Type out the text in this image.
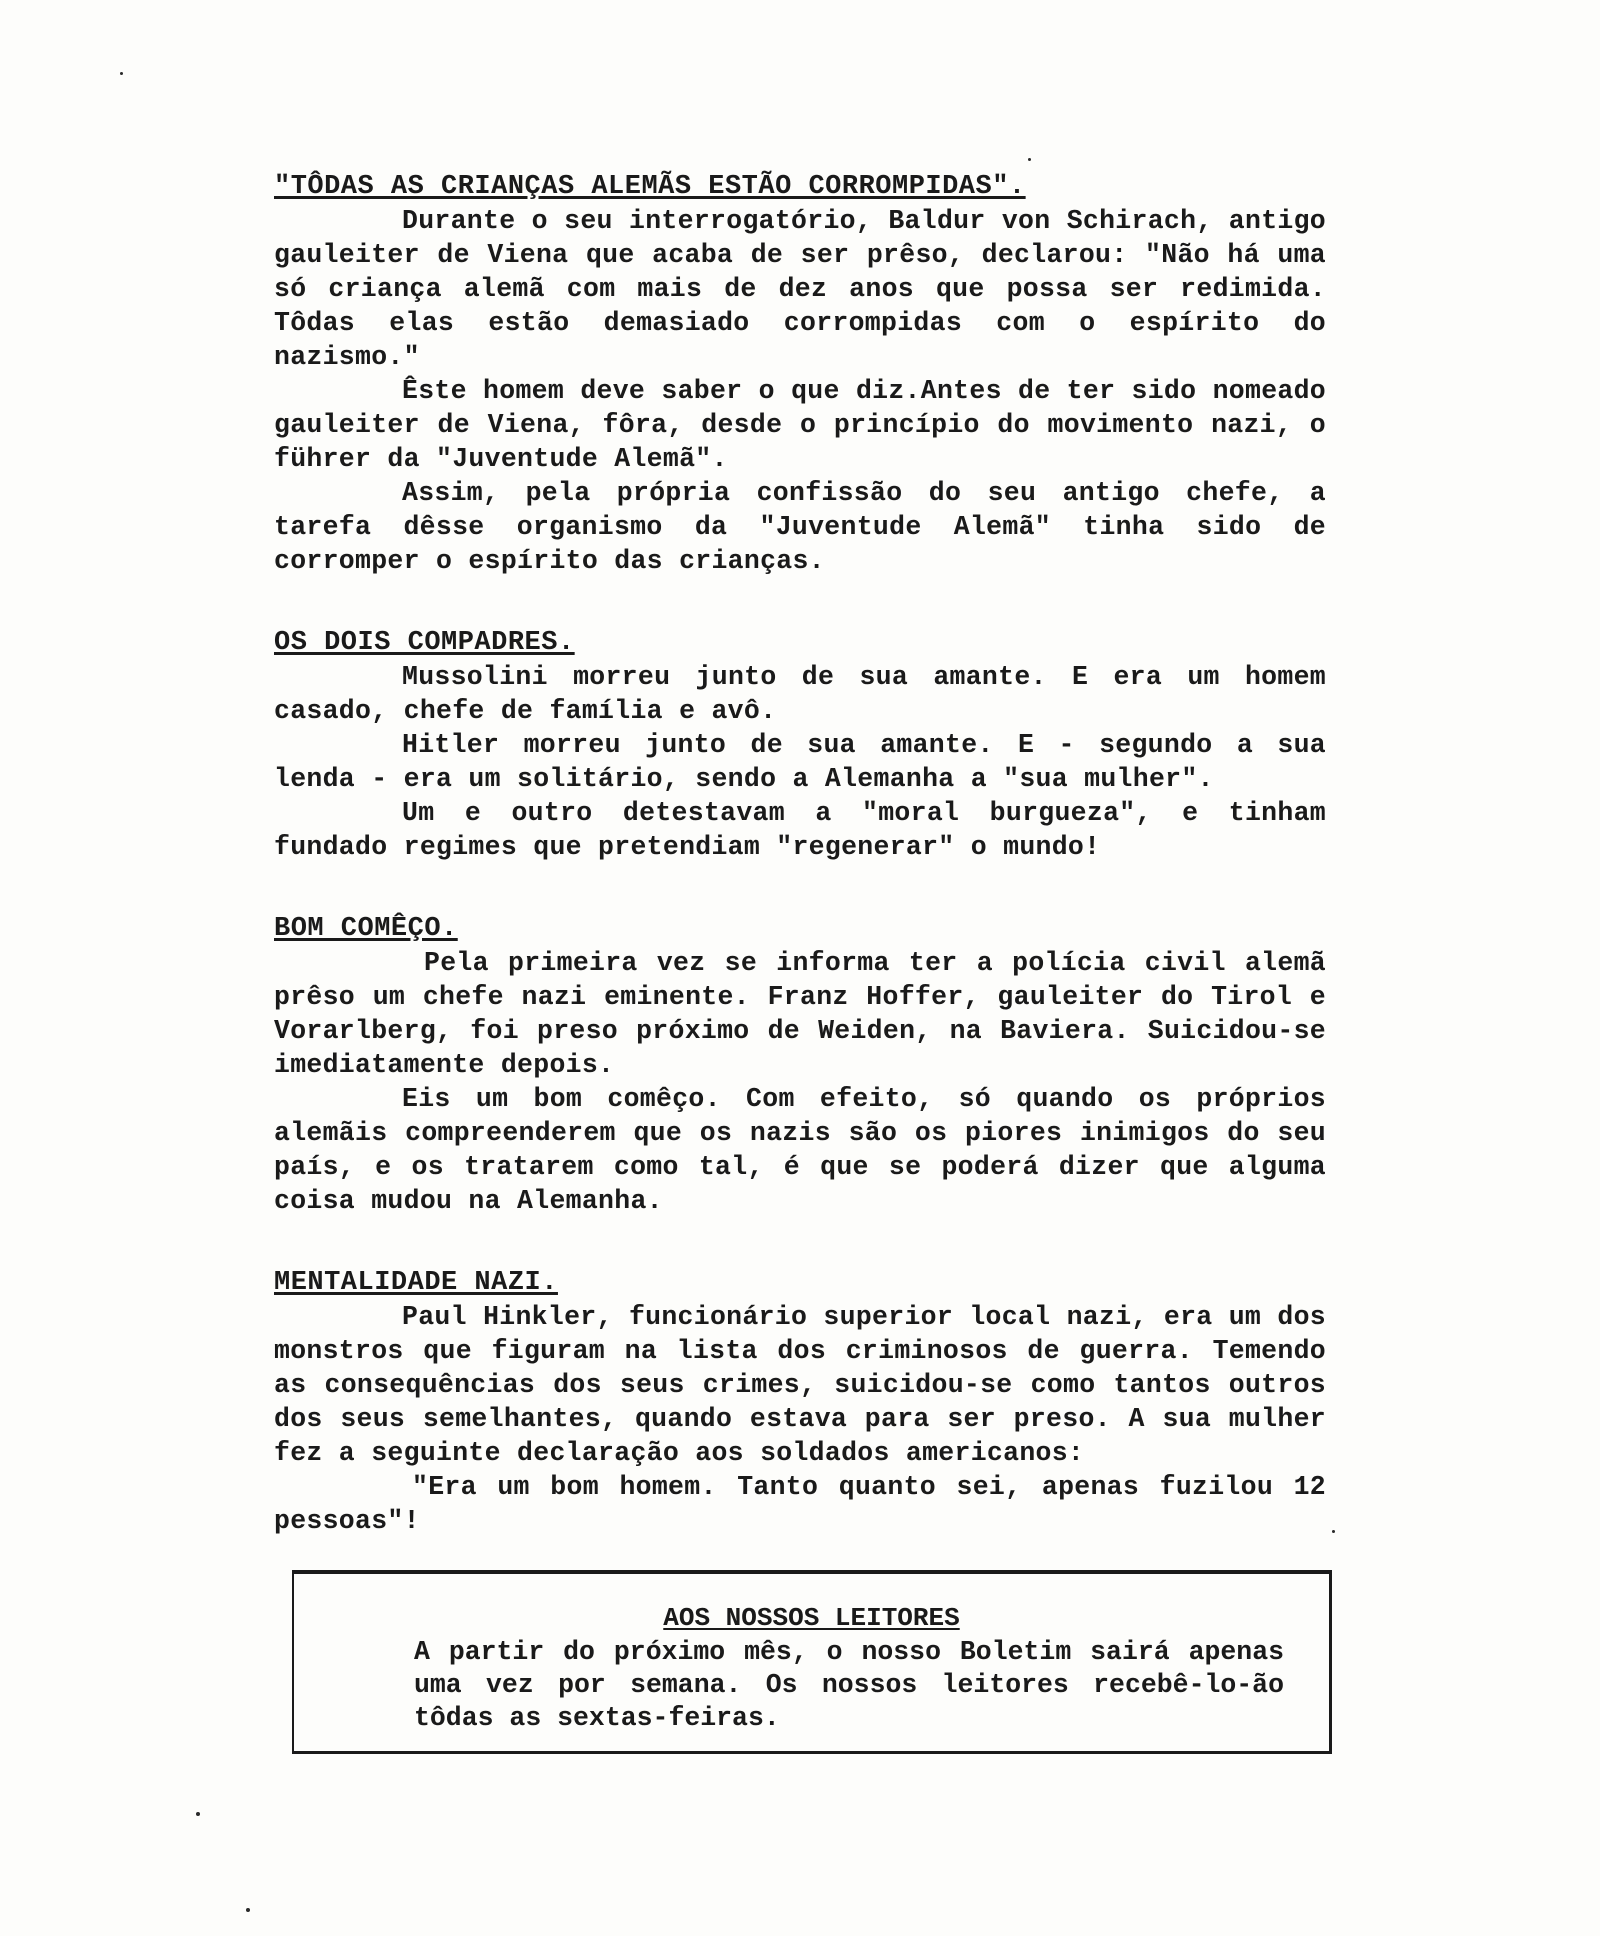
"TÔDAS AS CRIANÇAS ALEMÃS ESTÃO CORROMPIDAS".

Durante o seu interrogatório, Baldur von Schirach, antigo gauleiter de Viena que acaba de ser prêso, declarou: "Não há uma só criança alemã com mais de dez anos que possa ser redimida. Tôdas elas estão demasiado corrompidas com o espírito do nazismo."

Êste homem deve saber o que diz.Antes de ter sido nomeado gauleiter de Viena, fôra, desde o princípio do movimento nazi, o führer da "Juventude Alemã".

Assim, pela própria confissão do seu antigo chefe, a tarefa dêsse organismo da "Juventude Alemã" tinha sido de corromper o espírito das crianças.

OS DOIS COMPADRES.

Mussolini morreu junto de sua amante. E era um homem casado, chefe de família e avô.

Hitler morreu junto de sua amante. E - segundo a sua lenda - era um solitário, sendo a Alemanha a "sua mulher".

Um e outro detestavam a "moral burgueza", e tinham fundado regimes que pretendiam "regenerar" o mundo!

BOM COMÊÇO.

Pela primeira vez se informa ter a polícia civil alemã prêso um chefe nazi eminente. Franz Hoffer, gauleiter do Tirol e Vorarlberg, foi preso próximo de Weiden, na Baviera. Suicidou-se imediatamente depois.

Eis um bom comêço. Com efeito, só quando os próprios alemãis compreenderem que os nazis são os piores inimigos do seu país, e os tratarem como tal, é que se poderá dizer que alguma coisa mudou na Alemanha.

MENTALIDADE NAZI.

Paul Hinkler, funcionário superior local nazi, era um dos monstros que figuram na lista dos criminosos de guerra. Temendo as consequências dos seus crimes, suicidou-se como tantos outros dos seus semelhantes, quando estava para ser preso. A sua mulher fez a seguinte declaração aos soldados americanos:

"Era um bom homem. Tanto quanto sei, apenas fuzilou 12 pessoas"!

AOS NOSSOS LEITORES

A partir do próximo mês, o nosso Boletim sairá apenas uma vez por semana. Os nossos leitores recebê-lo-ão tôdas as sextas-feiras.
